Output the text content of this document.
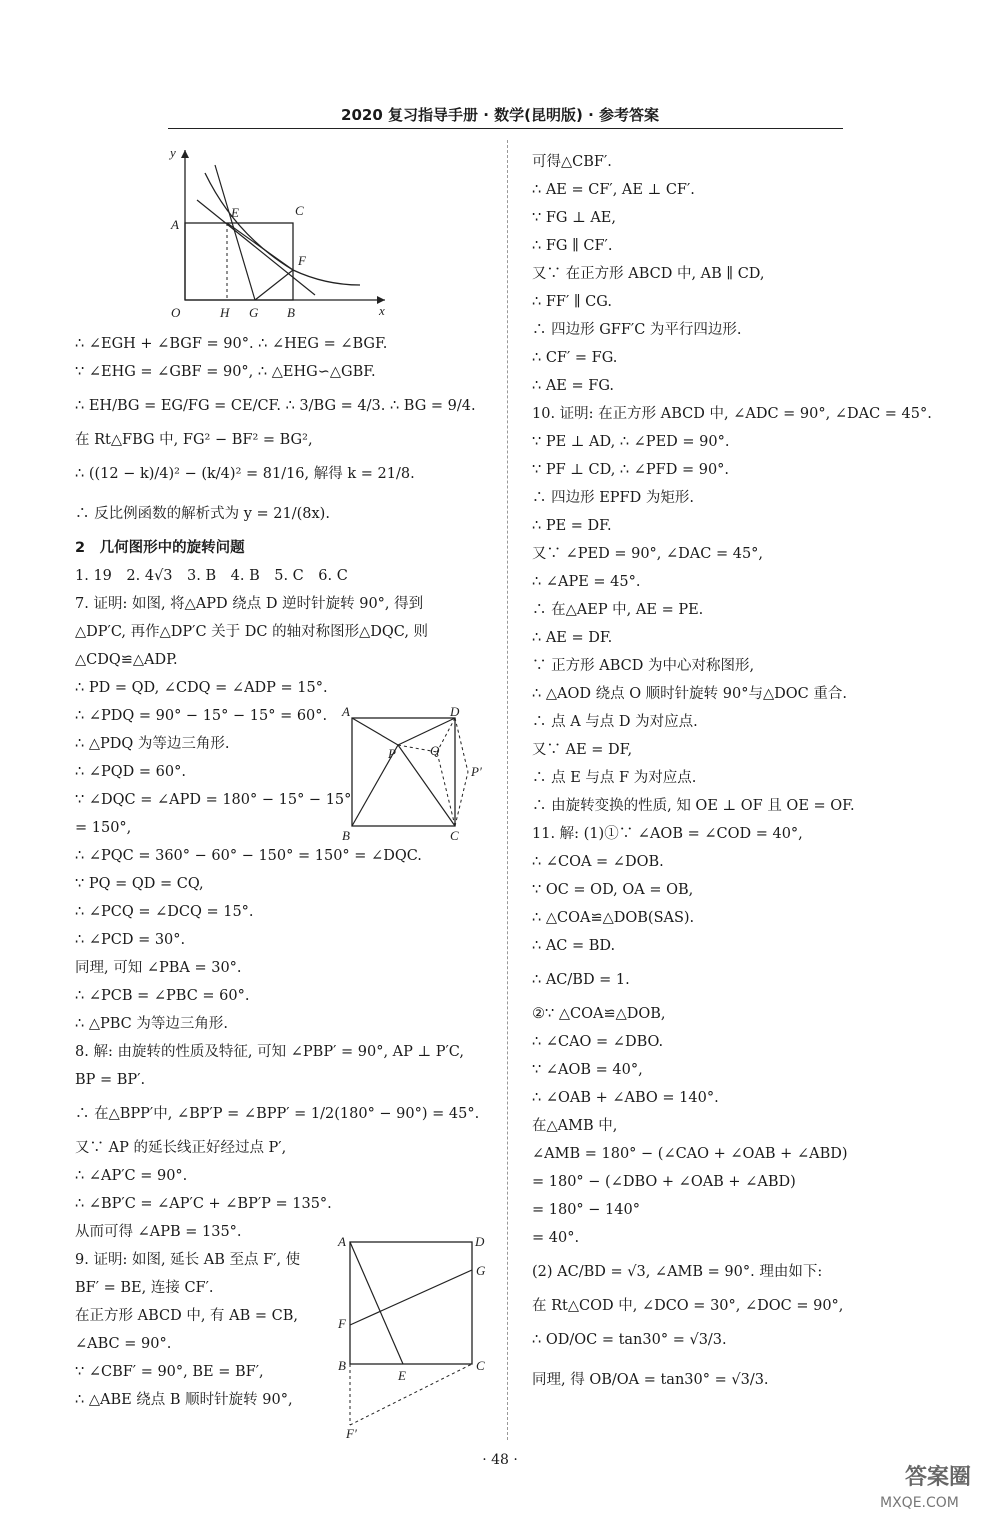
2020 复习指导手册 · 数学(昆明版) · 参考答案
y
x
A
E	C
F
O	H G B
A	D
P	Q
P′
B	C
A	D
G
F
B
E
C
F′
∴ ∠EGH + ∠BGF = 90°. ∴ ∠HEG = ∠BGF.
∵ ∠EHG = ∠GBF = 90°, ∴ △EHG∽△GBF.
∴ EH/BG = EG/FG = CE/CF. ∴ 3/BG = 4/3. ∴ BG = 9/4.
在 Rt△FBG 中, FG² − BF² = BG²,
∴ ((12 − k)/4)² − (k/4)² = 81/16, 解得 k = 21/8.
∴ 反比例函数的解析式为 y = 21/(8x).
2　几何图形中的旋转问题
1. 19　2. 4√3　3. B　4. B　5. C　6. C
7. 证明: 如图, 将△APD 绕点 D 逆时针旋转 90°, 得到
△DP′C, 再作△DP′C 关于 DC 的轴对称图形△DQC, 则
△CDQ≌△ADP.
∴ PD = QD, ∠CDQ = ∠ADP = 15°.
∴ ∠PDQ = 90° − 15° − 15° = 60°.
∴ △PDQ 为等边三角形.
∴ ∠PQD = 60°.
∵ ∠DQC = ∠APD = 180° − 15° − 15°
= 150°,
∴ ∠PQC = 360° − 60° − 150° = 150° = ∠DQC.
∵ PQ = QD = CQ,
∴ ∠PCQ = ∠DCQ = 15°.
∴ ∠PCD = 30°.
同理, 可知 ∠PBA = 30°.
∴ ∠PCB = ∠PBC = 60°.
∴ △PBC 为等边三角形.
8. 解: 由旋转的性质及特征, 可知 ∠PBP′ = 90°, AP ⊥ P′C,
BP = BP′.
∴ 在△BPP′中, ∠BP′P = ∠BPP′ = 1/2(180° − 90°) = 45°.
又∵ AP 的延长线正好经过点 P′,
∴ ∠AP′C = 90°.
∴ ∠BP′C = ∠AP′C + ∠BP′P = 135°.
从而可得 ∠APB = 135°.
9. 证明: 如图, 延长 AB 至点 F′, 使
BF′ = BE, 连接 CF′.
在正方形 ABCD 中, 有 AB = CB,
∠ABC = 90°.
∵ ∠CBF′ = 90°, BE = BF′,
∴ △ABE 绕点 B 顺时针旋转 90°,
可得△CBF′.
∴ AE = CF′, AE ⊥ CF′.
∵ FG ⊥ AE,
∴ FG ∥ CF′.
又∵ 在正方形 ABCD 中, AB ∥ CD,
∴ FF′ ∥ CG.
∴ 四边形 GFF′C 为平行四边形.
∴ CF′ = FG.
∴ AE = FG.
10. 证明: 在正方形 ABCD 中, ∠ADC = 90°, ∠DAC = 45°.
∵ PE ⊥ AD, ∴ ∠PED = 90°.
∵ PF ⊥ CD, ∴ ∠PFD = 90°.
∴ 四边形 EPFD 为矩形.
∴ PE = DF.
又∵ ∠PED = 90°, ∠DAC = 45°,
∴ ∠APE = 45°.
∴ 在△AEP 中, AE = PE.
∴ AE = DF.
∵ 正方形 ABCD 为中心对称图形,
∴ △AOD 绕点 O 顺时针旋转 90°与△DOC 重合.
∴ 点 A 与点 D 为对应点.
又∵ AE = DF,
∴ 点 E 与点 F 为对应点.
∴ 由旋转变换的性质, 知 OE ⊥ OF 且 OE = OF.
11. 解: (1)①∵ ∠AOB = ∠COD = 40°,
∴ ∠COA = ∠DOB.
∵ OC = OD, OA = OB,
∴ △COA≌△DOB(SAS).
∴ AC = BD.
∴ AC/BD = 1.
②∵ △COA≌△DOB,
∴ ∠CAO = ∠DBO.
∵ ∠AOB = 40°,
∴ ∠OAB + ∠ABO = 140°.
在△AMB 中,
∠AMB = 180° − (∠CAO + ∠OAB + ∠ABD)
= 180° − (∠DBO + ∠OAB + ∠ABD)
= 180° − 140°
= 40°.
(2) AC/BD = √3, ∠AMB = 90°. 理由如下:
在 Rt△COD 中, ∠DCO = 30°, ∠DOC = 90°,
∴ OD/OC = tan30° = √3/3.
同理, 得 OB/OA = tan30° = √3/3.
· 48 ·
答案圈
MXQE.COM
